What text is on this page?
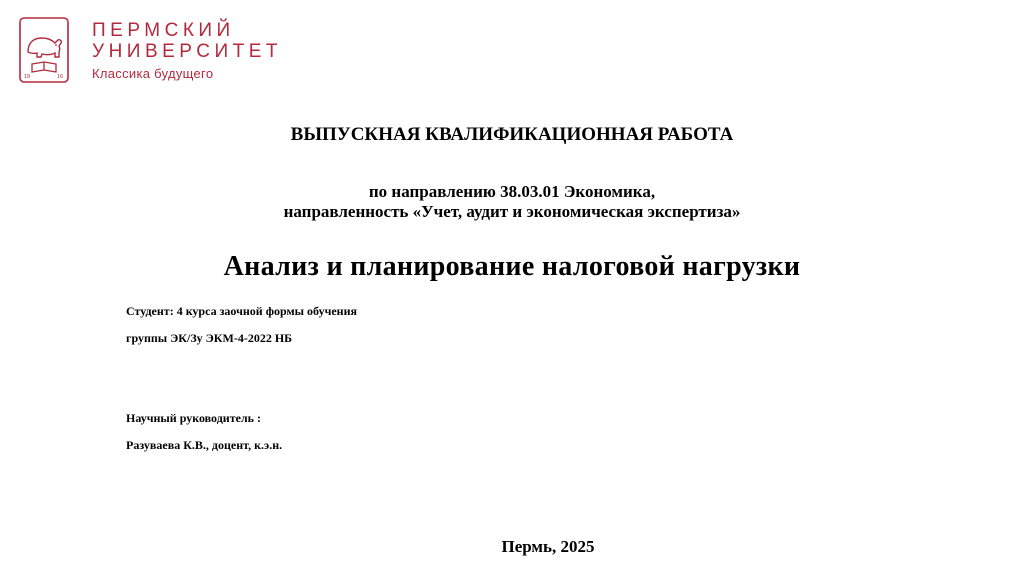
19	16
ПЕРМСКИЙ
УНИВЕРСИТЕТ
Классика будущего
ВЫПУСКНАЯ КВАЛИФИКАЦИОННАЯ РАБОТА
по направлению 38.03.01 Экономика,
направленность «Учет, аудит и экономическая экспертиза»
Анализ и планирование налоговой нагрузки
Студент: 4 курса заочной формы обучения
группы ЭК/Зу ЭКМ-4-2022 НБ
Научный руководитель :
Разуваева К.В., доцент, к.э.н.
Пермь, 2025
